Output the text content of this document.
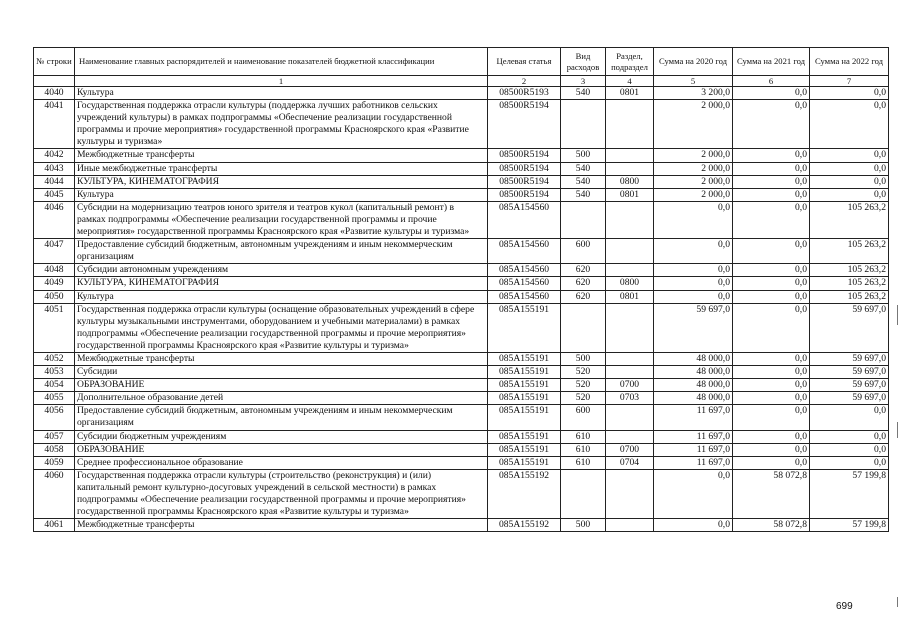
№ строки	Наименование главных распорядителей и наименование показателей бюджетной классификации	Целевая статья	Вид расходов	Раздел, подраздел	Сумма на 2020 год	Сумма на 2021 год	Сумма на 2022 год
	1	2	3	4	5	6	7
4040	Культура	08500R5193	540	0801	3 200,0	0,0	0,0
4041	Государственная поддержка отрасли культуры (поддержка лучших работников сельских учреждений культуры) в рамках подпрограммы «Обеспечение реализации государственной программы и прочие мероприятия» государственной программы Красноярского края «Развитие культуры и туризма»	08500R5194			2 000,0	0,0	0,0
4042	Межбюджетные трансферты	08500R5194	500		2 000,0	0,0	0,0
4043	Иные межбюджетные трансферты	08500R5194	540		2 000,0	0,0	0,0
4044	КУЛЬТУРА, КИНЕМАТОГРАФИЯ	08500R5194	540	0800	2 000,0	0,0	0,0
4045	Культура	08500R5194	540	0801	2 000,0	0,0	0,0
4046	Субсидии на модернизацию театров юного зрителя и театров кукол (капитальный ремонт) в рамках подпрограммы «Обеспечение реализации государственной программы и прочие мероприятия» государственной программы Красноярского края «Развитие культуры и туризма»	085A154560			0,0	0,0	105 263,2
4047	Предоставление субсидий бюджетным, автономным учреждениям и иным некоммерческим организациям	085A154560	600		0,0	0,0	105 263,2
4048	Субсидии автономным учреждениям	085A154560	620		0,0	0,0	105 263,2
4049	КУЛЬТУРА, КИНЕМАТОГРАФИЯ	085A154560	620	0800	0,0	0,0	105 263,2
4050	Культура	085A154560	620	0801	0,0	0,0	105 263,2
4051	Государственная поддержка отрасли культуры (оснащение образовательных учреждений в сфере культуры музыкальными инструментами, оборудованием и учебными материалами) в рамках подпрограммы «Обеспечение реализации государственной программы и прочие мероприятия» государственной программы Красноярского края «Развитие культуры и туризма»	085A155191			59 697,0	0,0	59 697,0
4052	Межбюджетные трансферты	085A155191	500		48 000,0	0,0	59 697,0
4053	Субсидии	085A155191	520		48 000,0	0,0	59 697,0
4054	ОБРАЗОВАНИЕ	085A155191	520	0700	48 000,0	0,0	59 697,0
4055	Дополнительное образование детей	085A155191	520	0703	48 000,0	0,0	59 697,0
4056	Предоставление субсидий бюджетным, автономным учреждениям и иным некоммерческим организациям	085A155191	600		11 697,0	0,0	0,0
4057	Субсидии бюджетным учреждениям	085A155191	610		11 697,0	0,0	0,0
4058	ОБРАЗОВАНИЕ	085A155191	610	0700	11 697,0	0,0	0,0
4059	Среднее профессиональное образование	085A155191	610	0704	11 697,0	0,0	0,0
4060	Государственная поддержка отрасли культуры (строительство (реконструкция) и (или) капитальный ремонт культурно-досуговых учреждений в сельской местности) в рамках подпрограммы «Обеспечение реализации государственной программы и прочие мероприятия» государственной программы Красноярского края «Развитие культуры и туризма»	085A155192			0,0	58 072,8	57 199,8
4061	Межбюджетные трансферты	085A155192	500		0,0	58 072,8	57 199,8
699
